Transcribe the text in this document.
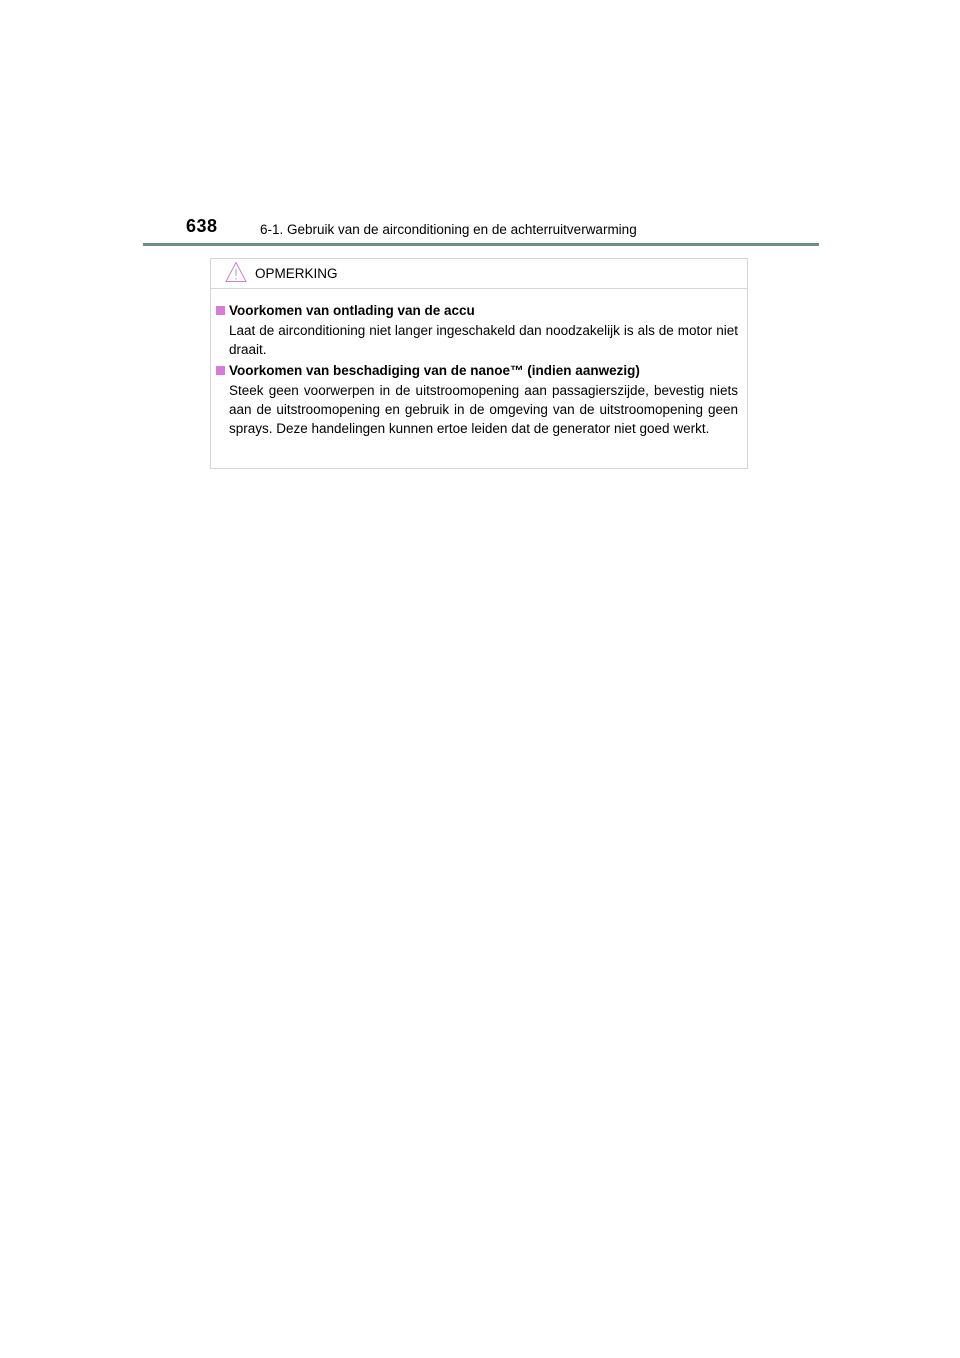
638	6-1. Gebruik van de airconditioning en de achterruitverwarming
OPMERKING
Voorkomen van ontlading van de accu
Laat de airconditioning niet langer ingeschakeld dan noodzakelijk is als de motor niet draait.
Voorkomen van beschadiging van de nanoe™ (indien aanwezig)
Steek geen voorwerpen in de uitstroomopening aan passagierszijde, bevestig niets aan de uitstroomopening en gebruik in de omgeving van de uitstroomopening geen sprays. Deze handelingen kunnen ertoe leiden dat de generator niet goed werkt.
